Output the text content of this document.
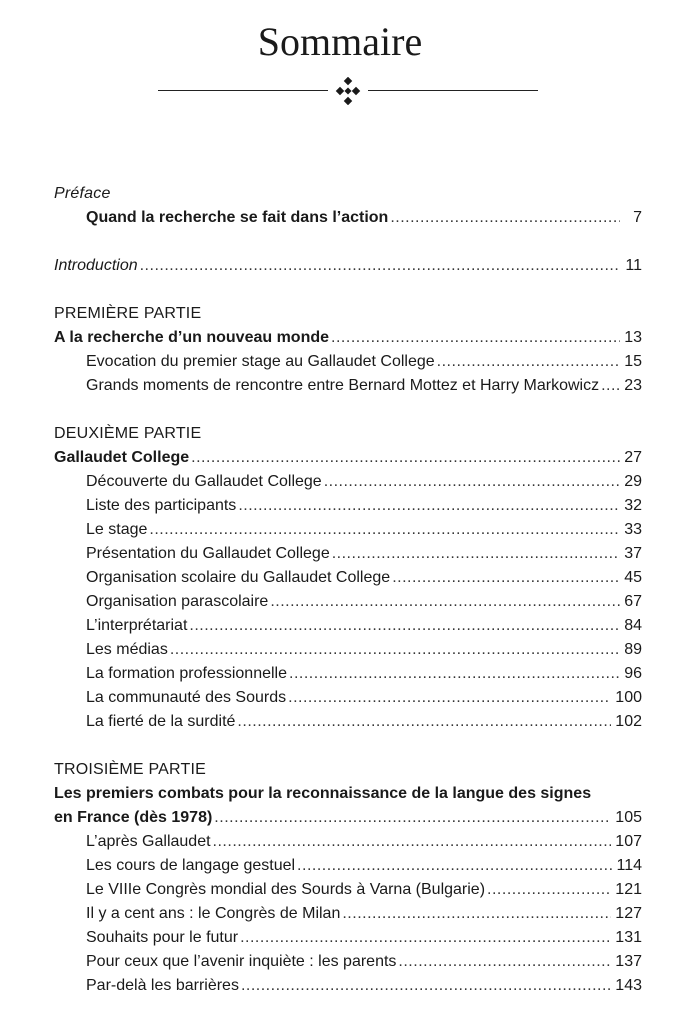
Sommaire
Préface
Quand la recherche se fait dans l’action .....	7
Introduction .....	11
PREMIÈRE PARTIE
A la recherche d’un nouveau monde .....	13
Evocation du premier stage au Gallaudet College .....	15
Grands moments de rencontre entre Bernard Mottez et Harry Markowicz ..... 23
DEUXIÈME PARTIE
Gallaudet College .....	27
Découverte du Gallaudet College .....	29
Liste des participants .....	32
Le stage .....	33
Présentation du Gallaudet College .....	37
Organisation scolaire du Gallaudet College .....	45
Organisation parascolaire .....	67
L’interprétariat .....	84
Les médias .....	89
La formation professionnelle .....	96
La communauté des Sourds .....	100
La fierté de la surdité .....	102
TROISIÈME PARTIE
Les premiers combats pour la reconnaissance de la langue des signes
en France (dès 1978) .....	105
L’après Gallaudet .....	107
Les cours de langage gestuel .....	114
Le VIIIe Congrès mondial des Sourds à Varna (Bulgarie) .....	121
Il y a cent ans : le Congrès de Milan .....	127
Souhaits pour le futur .....	131
Pour ceux que l’avenir inquiète : les parents .....	137
Par-delà les barrières .....	143
